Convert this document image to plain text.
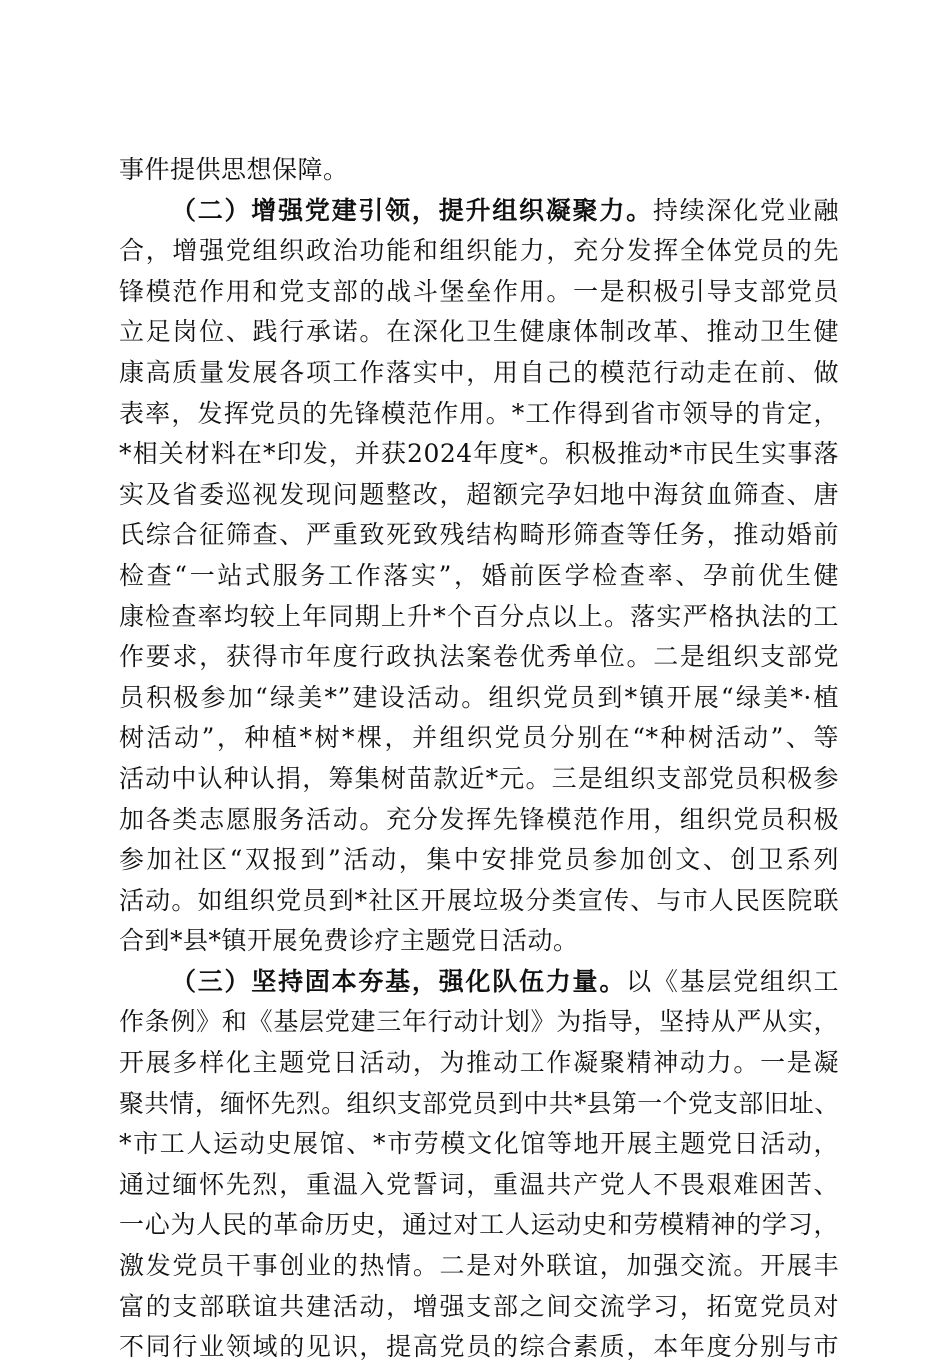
事件提供思想保障。
（二）增强党建引领，提升组织凝聚力。持续深化党业融
合，增强党组织政治功能和组织能力，充分发挥全体党员的先
锋模范作用和党支部的战斗堡垒作用。一是积极引导支部党员
立足岗位、践行承诺。在深化卫生健康体制改革、推动卫生健
康高质量发展各项工作落实中，用自己的模范行动走在前、做
表率，发挥党员的先锋模范作用。*工作得到省市领导的肯定，
*相关材料在*印发，并获2024年度*。积极推动*市民生实事落
实及省委巡视发现问题整改，超额完孕妇地中海贫血筛查、唐
氏综合征筛查、严重致死致残结构畸形筛查等任务，推动婚前
检查“一站式服务工作落实”，婚前医学检查率、孕前优生健
康检查率均较上年同期上升*个百分点以上。落实严格执法的工
作要求，获得市年度行政执法案卷优秀单位。二是组织支部党
员积极参加“绿美*”建设活动。组织党员到*镇开展“绿美*·植
树活动”，种植*树*棵，并组织党员分别在“*种树活动”、等
活动中认种认捐，筹集树苗款近*元。三是组织支部党员积极参
加各类志愿服务活动。充分发挥先锋模范作用，组织党员积极
参加社区“双报到”活动，集中安排党员参加创文、创卫系列
活动。如组织党员到*社区开展垃圾分类宣传、与市人民医院联
合到*县*镇开展免费诊疗主题党日活动。
（三）坚持固本夯基，强化队伍力量。以《基层党组织工
作条例》和《基层党建三年行动计划》为指导，坚持从严从实，
开展多样化主题党日活动，为推动工作凝聚精神动力。一是凝
聚共情，缅怀先烈。组织支部党员到中共*县第一个党支部旧址、
*市工人运动史展馆、*市劳模文化馆等地开展主题党日活动，
通过缅怀先烈，重温入党誓词，重温共产党人不畏艰难困苦、
一心为人民的革命历史，通过对工人运动史和劳模精神的学习，
激发党员干事创业的热情。二是对外联谊，加强交流。开展丰
富的支部联谊共建活动，增强支部之间交流学习，拓宽党员对
不同行业领域的见识，提高党员的综合素质，本年度分别与市
